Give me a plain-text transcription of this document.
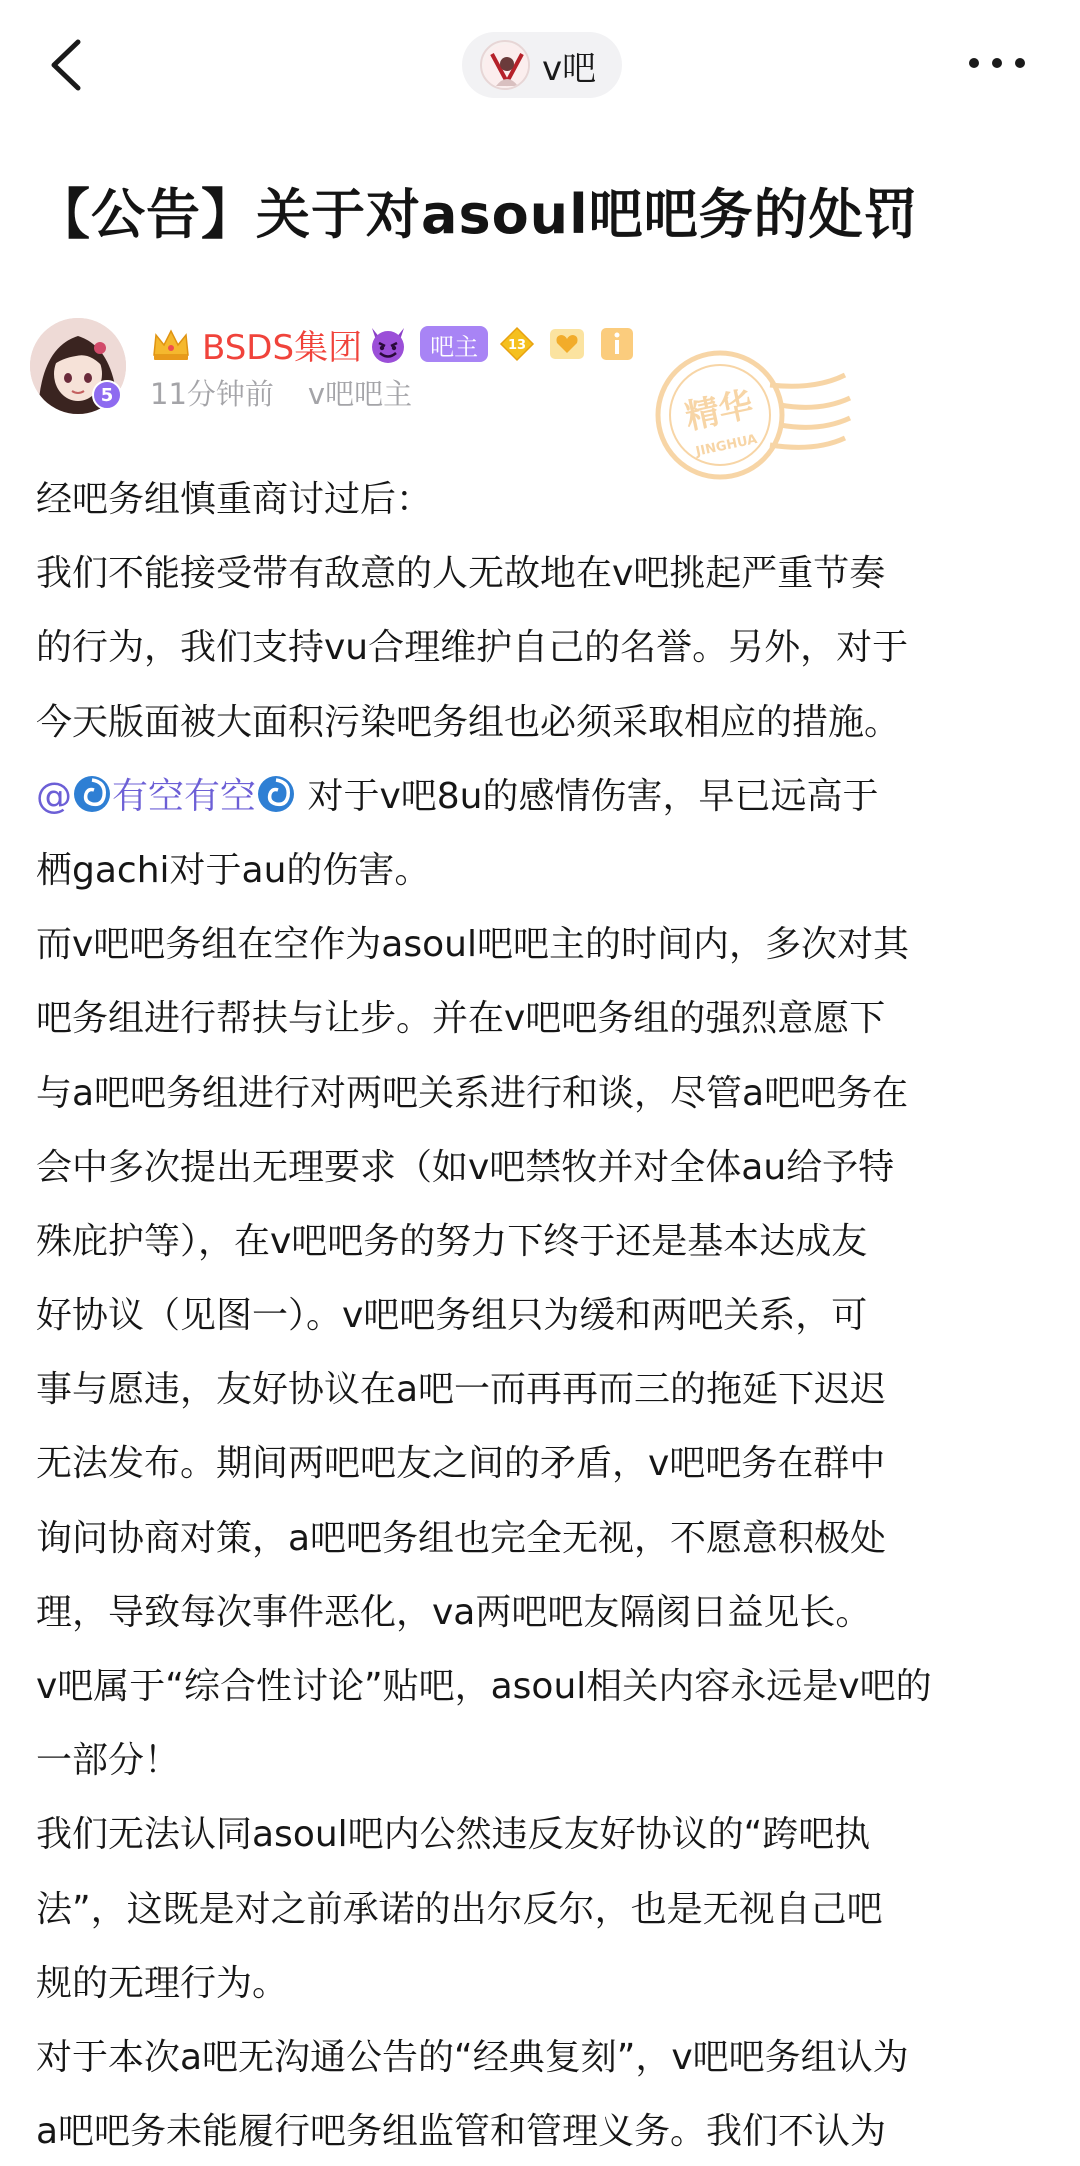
v吧
【公告】关于对asoul吧吧务的处罚
5
BSDS集团	吧主	13
11分钟前 v吧吧主	精华
JINGHUA
经吧务组慎重商讨过后：
我们不能接受带有敌意的人无故地在v吧挑起严重节奏
的行为，我们支持vu合理维护自己的名誉。另外，对于
今天版面被大面积污染吧务组也必须采取相应的措施。
@ 有空有空 对于v吧8u的感情伤害，早已远高于
栖gachi对于au的伤害。
而v吧吧务组在空作为asoul吧吧主的时间内，多次对其
吧务组进行帮扶与让步。并在v吧吧务组的强烈意愿下
与a吧吧务组进行对两吧关系进行和谈，尽管a吧吧务在
会中多次提出无理要求（如v吧禁牧并对全体au给予特
殊庇护等），在v吧吧务的努力下终于还是基本达成友
好协议（见图一）。v吧吧务组只为缓和两吧关系，可
事与愿违，友好协议在a吧一而再再而三的拖延下迟迟
无法发布。期间两吧吧友之间的矛盾，v吧吧务在群中
询问协商对策，a吧吧务组也完全无视，不愿意积极处
理，导致每次事件恶化，va两吧吧友隔阂日益见长。
v吧属于“综合性讨论”贴吧，asoul相关内容永远是v吧的
一部分！
我们无法认同asoul吧内公然违反友好协议的“跨吧执
法”，这既是对之前承诺的出尔反尔，也是无视自己吧
规的无理行为。
对于本次a吧无沟通公告的“经典复刻”，v吧吧务组认为
a吧吧务未能履行吧务组监管和管理义务。我们不认为
